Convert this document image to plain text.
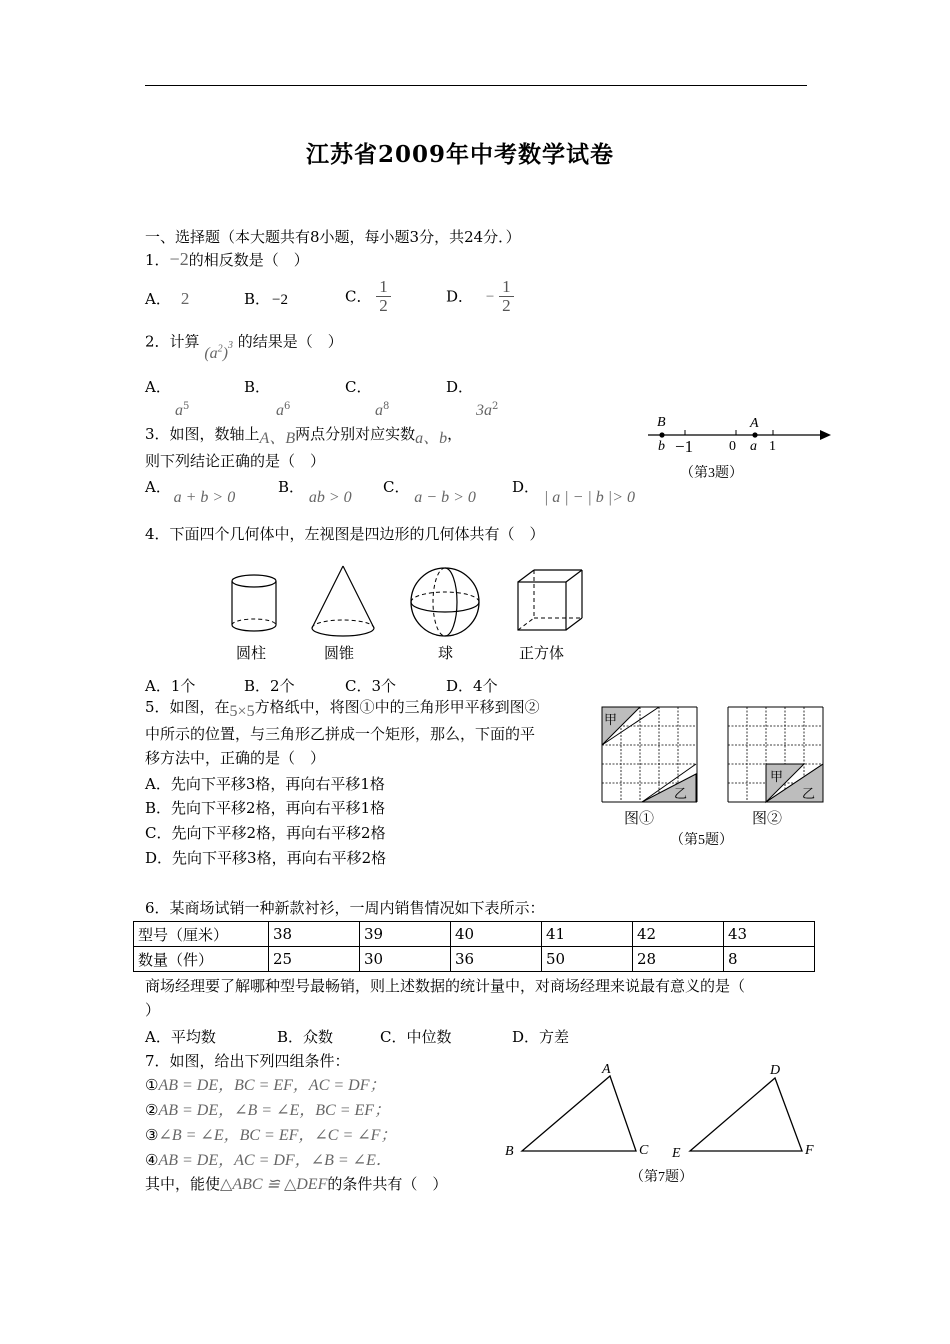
江苏省2009年中考数学试卷
一、选择题（本大题共有8小题，每小题3分，共24分．）
1．−2的相反数是（　）
A． 2	B． −2	C． $\frac{1}{2}$	D． − $\frac{1}{2}$
2．计算 $(a^2)^3$ 的结果是（　）
A．
$a^5$
B．
$a^6$
C．
$a^8$
D．
$3a^2$
3．如图，数轴上A、B两点分别对应实数a、b，
则下列结论正确的是（　）
A． a + b > 0
B． ab > 0
C． a − b > 0
D． | a | − | b |> 0
B	A
b	a
−1	0 1
（第3题）
4．下面四个几何体中，左视图是四边形的几何体共有（　）
圆柱	圆锥	球	正方体
A．1个	B．2个	C．3个	D．4个
5．如图，在5×5方格纸中，将图①中的三角形甲平移到图②
中所示的位置，与三角形乙拼成一个矩形，那么，下面的平
移方法中，正确的是（　）
A．先向下平移3格，再向右平移1格
B．先向下平移2格，再向右平移1格
C．先向下平移2格，再向右平移2格
D．先向下平移3格，再向右平移2格
甲
乙
甲
乙
图①	图②
（第5题）
6．某商场试销一种新款衬衫，一周内销售情况如下表所示：
型号（厘米）	38	39	40	41	42	43
数量（件）	25	30	36	50	28	8
商场经理要了解哪种型号最畅销，则上述数据的统计量中，对商场经理来说最有意义的是（
）
A．平均数	B．众数	C．中位数	D．方差
7．如图，给出下列四组条件：
①AB = DE，BC = EF，AC = DF；
②AB = DE，∠B = ∠E，BC = EF；
③∠B = ∠E，BC = EF，∠C = ∠F；
④AB = DE，AC = DF，∠B = ∠E．
其中，能使△ABC ≌ △DEF的条件共有（　）
A
B	C
D
E	F
（第7题）
